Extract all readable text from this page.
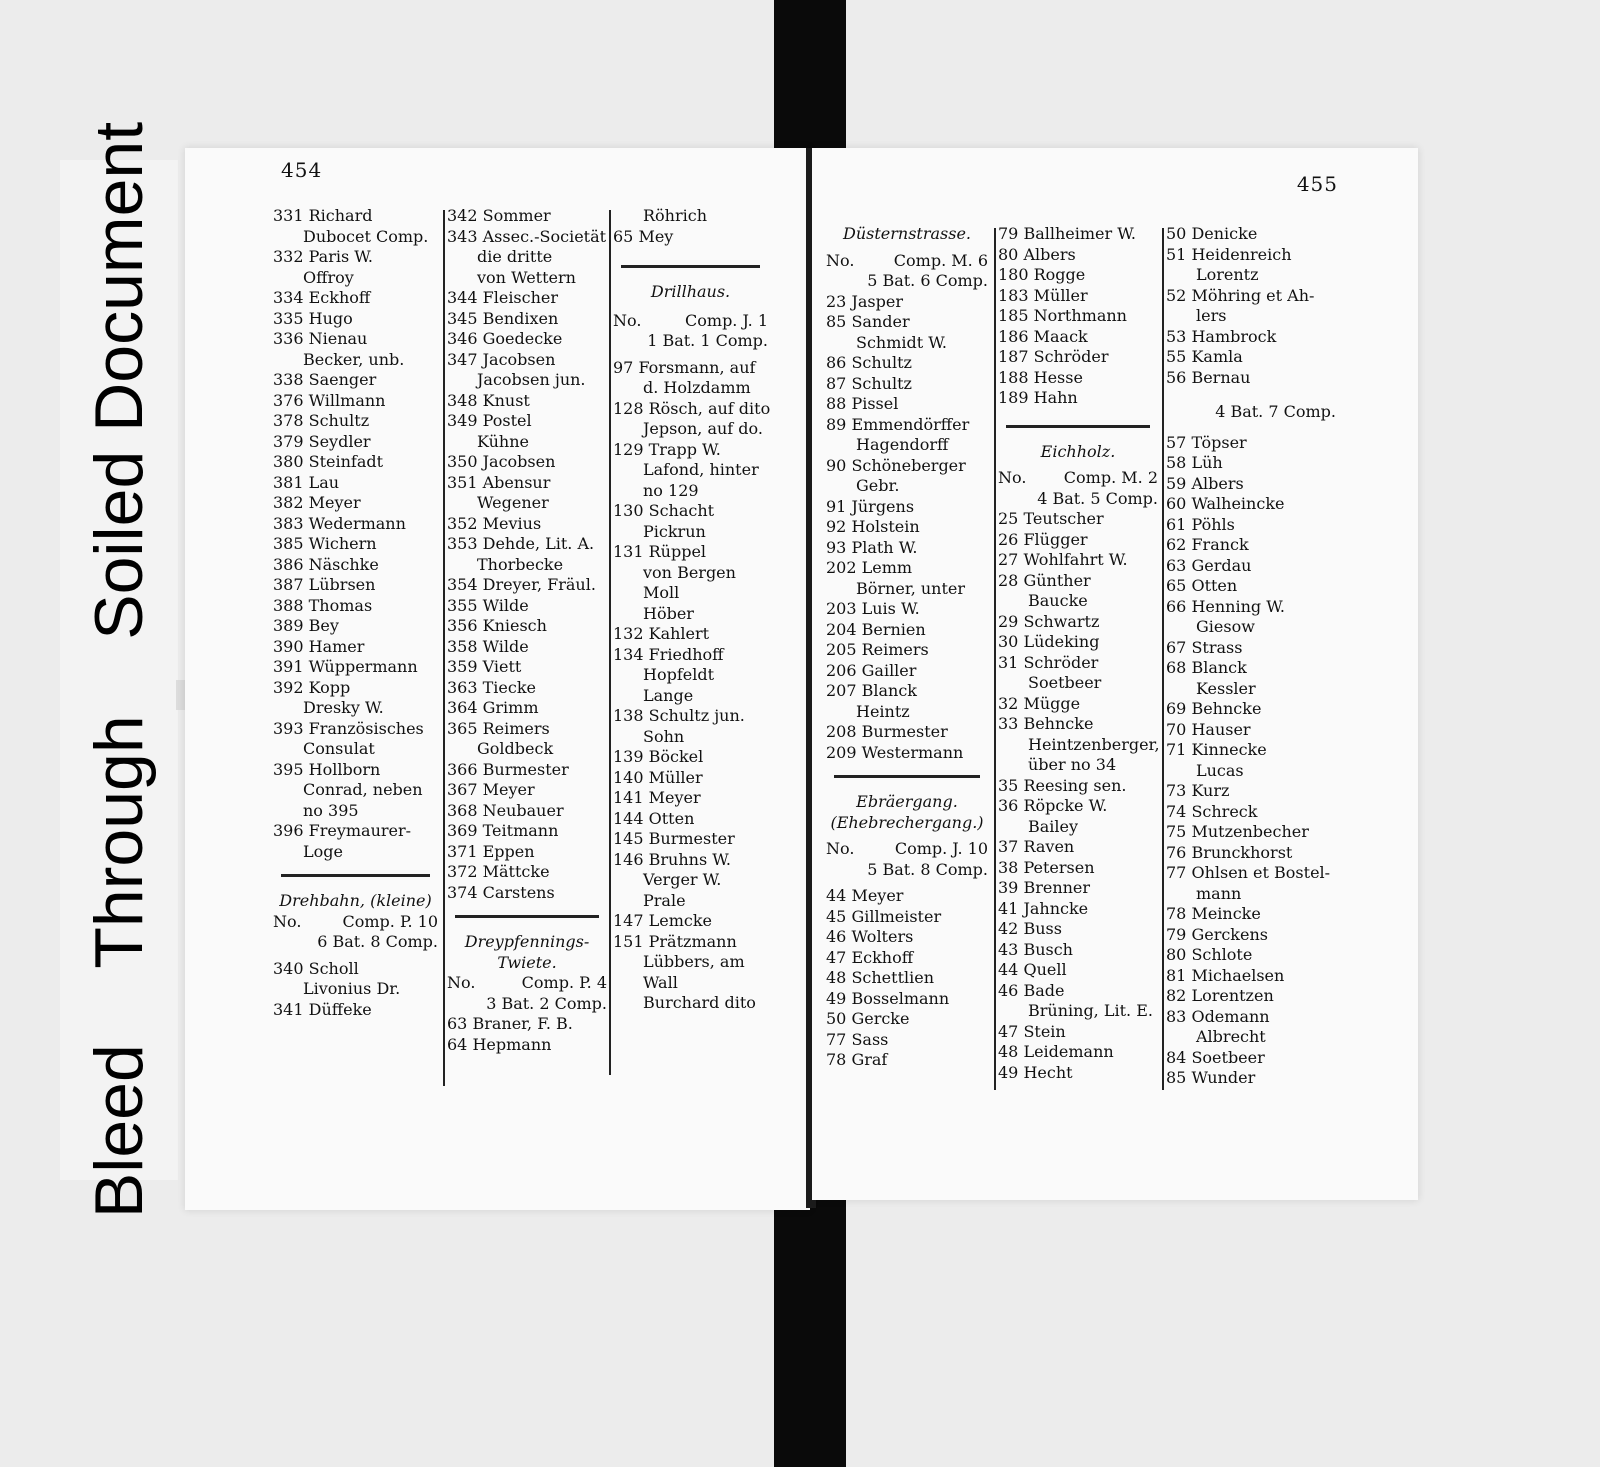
Bleed    Through    Soiled Document	454
331 Richard
Dubocet Comp.
332 Paris W.
Offroy
334 Eckhoff
335 Hugo
336 Nienau
Becker, unb.
338 Saenger
376 Willmann
378 Schultz
379 Seydler
380 Steinfadt
381 Lau
382 Meyer
383 Wedermann
385 Wichern
386 Näschke
387 Lübrsen
388 Thomas
389 Bey
390 Hamer
391 Wüppermann
392 Kopp
Dresky W.
393 Französisches
Consulat
395 Hollborn
Conrad, neben
no 395
396 Freymaurer-
Loge
Drehbahn, (kleine)
No.	Comp. P. 10
6 Bat. 8 Comp.
340 Scholl
Livonius Dr.
341 Düffeke
342 Sommer
343 Assec.-Societät
die dritte
von Wettern
344 Fleischer
345 Bendixen
346 Goedecke
347 Jacobsen
Jacobsen jun.
348 Knust
349 Postel
Kühne
350 Jacobsen
351 Abensur
Wegener
352 Mevius
353 Dehde, Lit. A.
Thorbecke
354 Dreyer, Fräul.
355 Wilde
356 Kniesch
358 Wilde
359 Viett
363 Tiecke
364 Grimm
365 Reimers
Goldbeck
366 Burmester
367 Meyer
368 Neubauer
369 Teitmann
371 Eppen
372 Mättcke
374 Carstens
Dreypfennings-
Twiete.
No.	Comp. P. 4
3 Bat. 2 Comp.
63 Braner, F. B.
64 Hepmann
Röhrich
65 Mey
Drillhaus.
No.	Comp. J. 1
1 Bat. 1 Comp.
97 Forsmann, auf
d. Holzdamm
128 Rösch, auf dito
Jepson, auf do.
129 Trapp W.
Lafond, hinter
no 129
130 Schacht
Pickrun
131 Rüppel
von Bergen
Moll
Höber
132 Kahlert
134 Friedhoff
Hopfeldt
Lange
138 Schultz jun.
Sohn
139 Böckel
140 Müller
141 Meyer
144 Otten
145 Burmester
146 Bruhns W.
Verger W.
Prale
147 Lemcke
151 Prätzmann
Lübbers, am
Wall
Burchard dito
455
Düsternstrasse.
No. Comp. M. 6
5 Bat. 6 Comp.
23 Jasper
85 Sander
Schmidt W.
86 Schultz
87 Schultz
88 Pissel
89 Emmendörffer
Hagendorff
90 Schöneberger
Gebr.
91 Jürgens
92 Holstein
93 Plath W.
202 Lemm
Börner, unter
203 Luis W.
204 Bernien
205 Reimers
206 Gailler
207 Blanck
Heintz
208 Burmester
209 Westermann
Ebräergang.
(Ehebrechergang.)
No.	Comp. J. 10
5 Bat. 8 Comp.
44 Meyer
45 Gillmeister
46 Wolters
47 Eckhoff
48 Schettlien
49 Bosselmann
50 Gercke
77 Sass
78 Graf
79 Ballheimer W.
80 Albers
180 Rogge
183 Müller
185 Northmann
186 Maack
187 Schröder
188 Hesse
189 Hahn
Eichholz.
No. Comp. M. 2
4 Bat. 5 Comp.
25 Teutscher
26 Flügger
27 Wohlfahrt W.
28 Günther
Baucke
29 Schwartz
30 Lüdeking
31 Schröder
Soetbeer
32 Mügge
33 Behncke
Heintzenberger,
über no 34
35 Reesing sen.
36 Röpcke W.
Bailey
37 Raven
38 Petersen
39 Brenner
41 Jahncke
42 Buss
43 Busch
44 Quell
46 Bade
Brüning, Lit. E.
47 Stein
48 Leidemann
49 Hecht
50 Denicke
51 Heidenreich
Lorentz
52 Möhring et Ah-
lers
53 Hambrock
55 Kamla
56 Bernau
4 Bat. 7 Comp.
57 Töpser
58 Lüh
59 Albers
60 Walheincke
61 Pöhls
62 Franck
63 Gerdau
65 Otten
66 Henning W.
Giesow
67 Strass
68 Blanck
Kessler
69 Behncke
70 Hauser
71 Kinnecke
Lucas
73 Kurz
74 Schreck
75 Mutzenbecher
76 Brunckhorst
77 Ohlsen et Bostel-
mann
78 Meincke
79 Gerckens
80 Schlote
81 Michaelsen
82 Lorentzen
83 Odemann
Albrecht
84 Soetbeer
85 Wunder
